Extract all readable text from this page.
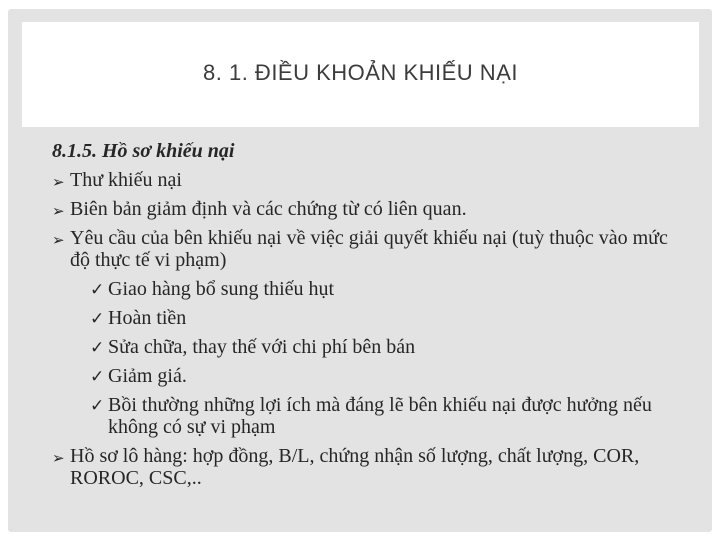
8. 1. ĐIỀU KHOẢN KHIẾU NẠI
8.1.5. Hồ sơ khiếu nại
➢ Thư khiếu nại
➢ Biên bản giảm định và các chứng từ có liên quan.
➢ Yêu cầu của bên khiếu nại về việc giải quyết khiếu nại (tuỳ thuộc vào mức độ thực tế vi phạm)
✓ Giao hàng bổ sung thiếu hụt
✓ Hoàn tiền
✓ Sửa chữa, thay thế với chi phí bên bán
✓ Giảm giá.
✓ Bồi thường những lợi ích mà đáng lẽ bên khiếu nại được hưởng nếu không có sự vi phạm
➢ Hồ sơ lô hàng: hợp đồng, B/L, chứng nhận số lượng, chất lượng, COR, ROROC, CSC,..
